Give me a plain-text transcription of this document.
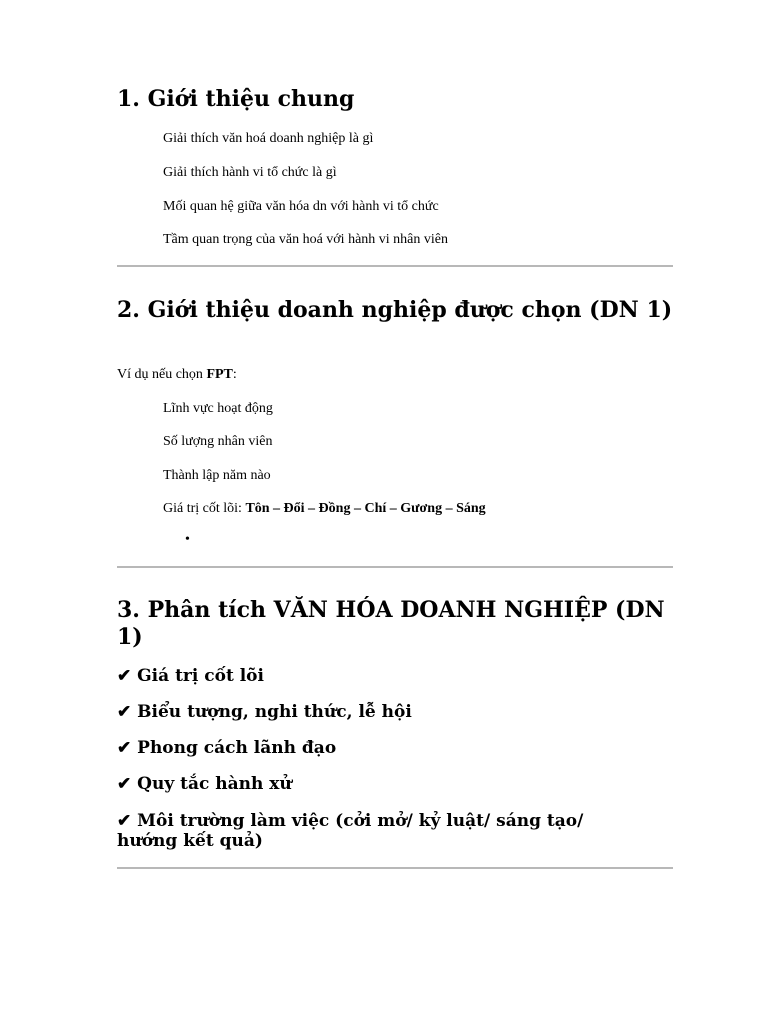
1. Giới thiệu chung
Giải thích văn hoá doanh nghiệp là gì
Giải thích hành vi tổ chức là gì
Mối quan hệ giữa văn hóa dn với hành vi tổ chức
Tầm quan trọng của văn hoá với hành vi nhân viên
2. Giới thiệu doanh nghiệp được chọn (DN 1)
Ví dụ nếu chọn FPT:
Lĩnh vực hoạt động
Số lượng nhân viên
Thành lập năm nào
Giá trị cốt lõi: Tôn – Đổi – Đồng – Chí – Gương – Sáng
•
3. Phân tích VĂN HÓA DOANH NGHIỆP (DN 1)
✔ Giá trị cốt lõi
✔ Biểu tượng, nghi thức, lễ hội
✔ Phong cách lãnh đạo
✔ Quy tắc hành xử
✔ Môi trường làm việc (cởi mở/ kỷ luật/ sáng tạo/ hướng kết quả)
